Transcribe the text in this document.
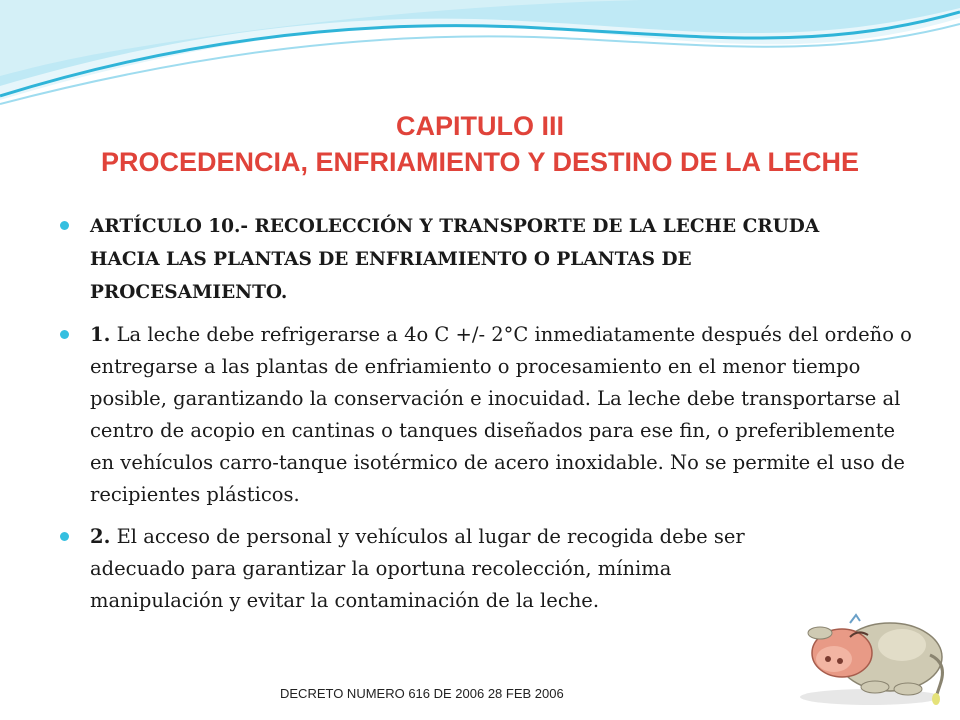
CAPITULO III
PROCEDENCIA, ENFRIAMIENTO Y DESTINO DE LA LECHE
ARTÍCULO 10.- RECOLECCIÓN Y TRANSPORTE DE LA LECHE CRUDA HACIA LAS PLANTAS DE ENFRIAMIENTO O PLANTAS DE PROCESAMIENTO.
1. La leche debe refrigerarse a 4o C +/- 2°C inmediatamente después del ordeño o entregarse a las plantas de enfriamiento o procesamiento en el menor tiempo posible, garantizando la conservación e inocuidad. La leche debe transportarse al centro de acopio en cantinas o tanques diseñados para ese fin, o preferiblemente en vehículos carro-tanque isotérmico de acero inoxidable. No se permite el uso de recipientes plásticos.
2. El acceso de personal y vehículos al lugar de recogida debe ser adecuado para garantizar la oportuna recolección, mínima manipulación y evitar la contaminación de la leche.
DECRETO NUMERO 616 DE 2006 28 FEB 2006
